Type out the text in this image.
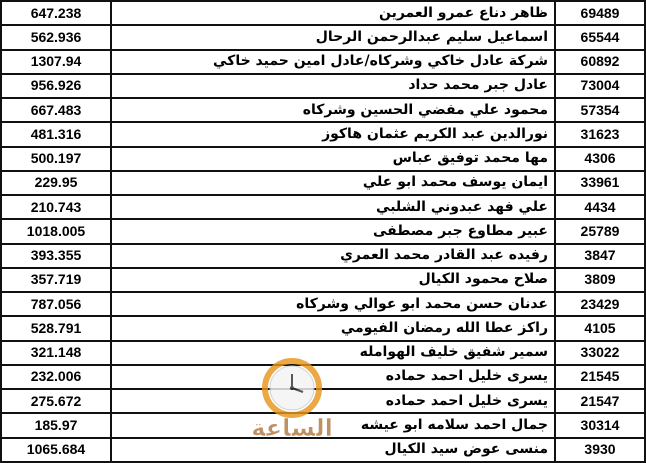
647.238	ظاهر دناع عمرو العمرين	69489
562.936	اسماعيل سليم عبدالرحمن الرحال	65544
1307.94	شركة عادل خاكي وشركاه/عادل امين حميد خاكي	60892
956.926	عادل جبر محمد حداد	73004
667.483	محمود علي مفضي الحسين وشركاه	57354
481.316	نورالدين عبد الكريم عثمان هاكوز	31623
500.197	مها محمد توفيق عباس	4306
229.95	ايمان يوسف محمد ابو علي	33961
210.743	علي فهد عبدوني الشلبي	4434
1018.005	عبير مطاوع جبر مصطفى	25789
393.355	رفيده عبد القادر محمد العمري	3847
357.719	صلاح محمود الكيال	3809
787.056	عدنان حسن محمد ابو عوالي وشركاه	23429
528.791	راكز عطا الله رمضان الفيومي	4105
321.148	سمير شفيق خليف الهوامله	33022
232.006	يسرى خليل احمد حماده	21545
275.672	يسرى خليل احمد حماده	21547
185.97	جمال احمد سلامه ابو عيشه	30314
1065.684	منسى عوض سيد الكيال	3930
الساعة
